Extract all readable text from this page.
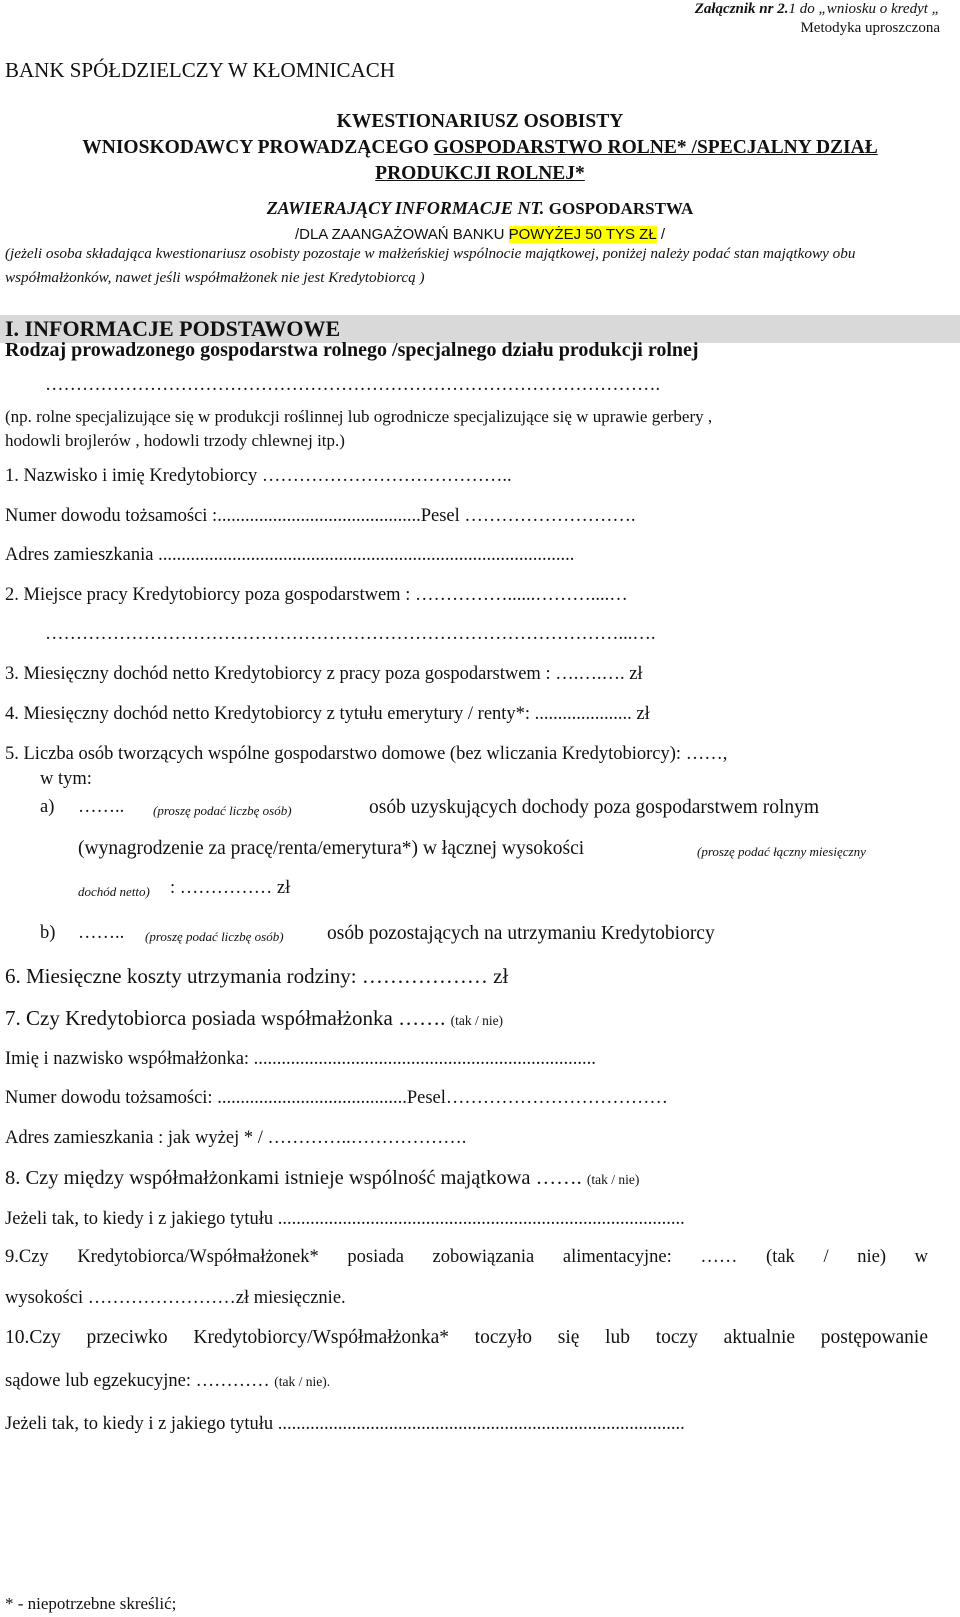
Załącznik nr 2.1 do „wniosku o kredyt „
Metodyka uproszczona
BANK SPÓŁDZIELCZY W KŁOMNICACH
KWESTIONARIUSZ OSOBISTY
WNIOSKODAWCY PROWADZĄCEGO GOSPODARSTWO ROLNE* /SPECJALNY DZIAŁ
PRODUKCJI ROLNEJ*
ZAWIERAJĄCY INFORMACJE NT. GOSPODARSTWA
/DLA ZAANGAŻOWAŃ BANKU POWYŻEJ 50 TYS ZŁ /
(jeżeli osoba składająca kwestionariusz osobisty pozostaje w małżeńskiej wspólnocie majątkowej, poniżej należy podać stan majątkowy obu współmałżonków, nawet jeśli współmałżonek nie jest Kredytobiorcą )
I. INFORMACJE PODSTAWOWE
Rodzaj prowadzonego gospodarstwa rolnego /specjalnego działu produkcji rolnej
……………………………………………………………………………………….
(np. rolne specjalizujące się w produkcji roślinnej lub ogrodnicze specjalizujące się w uprawie gerbery ,
hodowli brojlerów , hodowli trzody chlewnej itp.)
1. Nazwisko i imię Kredytobiorcy …………………………………..
Numer dowodu tożsamości :............................................Pesel ……………………….
Adres zamieszkania ..........................................................................................
2. Miejsce pracy Kredytobiorcy poza gospodarstwem : ……………......………....…
…………………………………………………………………………………...….
3. Miesięczny dochód netto Kredytobiorcy z pracy poza gospodarstwem : ….….…. zł
4. Miesięczny dochód netto Kredytobiorcy z tytułu emerytury / renty*: ..................... zł
5. Liczba osób tworzących wspólne gospodarstwo domowe (bez wliczania Kredytobiorcy): ……,
w tym:
a) …….. (proszę podać liczbę osób)	osób uzyskujących dochody poza gospodarstwem rolnym
(wynagrodzenie za pracę/renta/emerytura*) w łącznej wysokości	(proszę podać łączny miesięczny
dochód netto) : …………… zł
b) …….. (proszę podać liczbę osób) osób pozostających na utrzymaniu Kredytobiorcy
6. Miesięczne koszty utrzymania rodziny: ……………… zł
7. Czy Kredytobiorca posiada współmałżonka ……. (tak / nie)
Imię i nazwisko współmałżonka: ..........................................................................
Numer dowodu tożsamości: .........................................Pesel………………………………
Adres zamieszkania : jak wyżej * / …………..……………….
8. Czy między współmałżonkami istnieje wspólność majątkowa ……. (tak / nie)
Jeżeli tak, to kiedy i z jakiego tytułu ........................................................................................
9.Czy Kredytobiorca/Współmałżonek* posiada zobowiązania alimentacyjne: …… (tak / nie) w
wysokości ……………………zł miesięcznie.
10.Czy przeciwko Kredytobiorcy/Współmałżonka* toczyło się lub toczy aktualnie postępowanie
sądowe lub egzekucyjne: ………… (tak / nie).
Jeżeli tak, to kiedy i z jakiego tytułu ........................................................................................
* - niepotrzebne skreślić;
